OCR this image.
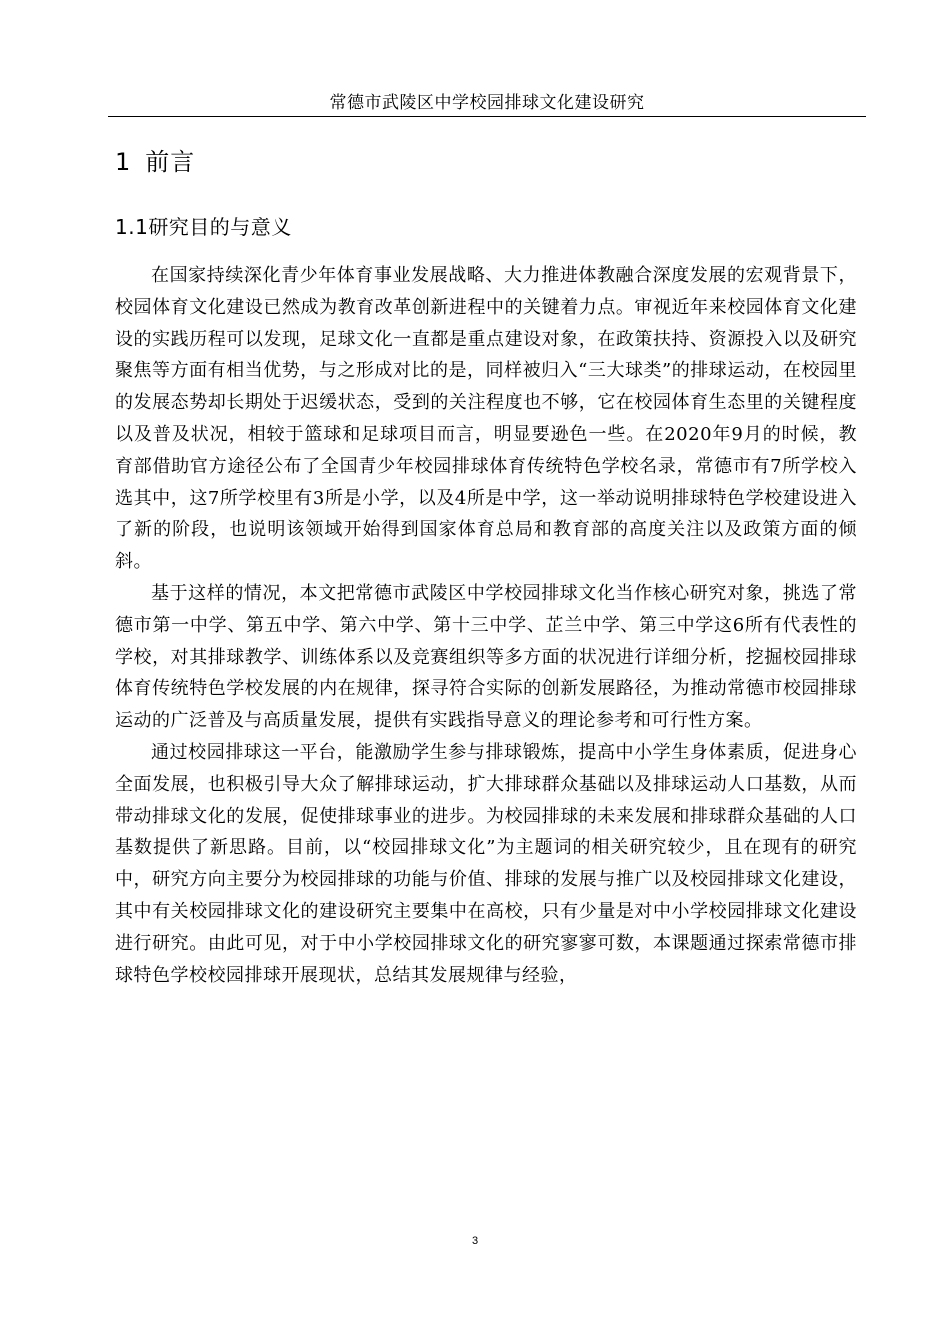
常德市武陵区中学校园排球文化建设研究
1 前言
1.1研究目的与意义

在国家持续深化青少年体育事业发展战略、大力推进体教融合深度发展的宏观背景下，校园体育文化建设已然成为教育改革创新进程中的关键着力点。审视近年来校园体育文化建设的实践历程可以发现，足球文化一直都是重点建设对象，在政策扶持、资源投入以及研究聚焦等方面有相当优势，与之形成对比的是，同样被归入“三大球类”的排球运动，在校园里的发展态势却长期处于迟缓状态，受到的关注程度也不够，它在校园体育生态里的关键程度以及普及状况，相较于篮球和足球项目而言，明显要逊色一些。在2020年9月的时候，教育部借助官方途径公布了全国青少年校园排球体育传统特色学校名录，常德市有7所学校入选其中，这7所学校里有3所是小学，以及4所是中学，这一举动说明排球特色学校建设进入了新的阶段，也说明该领域开始得到国家体育总局和教育部的高度关注以及政策方面的倾斜。

基于这样的情况，本文把常德市武陵区中学校园排球文化当作核心研究对象，挑选了常德市第一中学、第五中学、第六中学、第十三中学、芷兰中学、第三中学这6所有代表性的学校，对其排球教学、训练体系以及竞赛组织等多方面的状况进行详细分析，挖掘校园排球体育传统特色学校发展的内在规律，探寻符合实际的创新发展路径，为推动常德市校园排球运动的广泛普及与高质量发展，提供有实践指导意义的理论参考和可行性方案。

通过校园排球这一平台，能激励学生参与排球锻炼，提高中小学生身体素质，促进身心全面发展，也积极引导大众了解排球运动，扩大排球群众基础以及排球运动人口基数，从而带动排球文化的发展，促使排球事业的进步。为校园排球的未来发展和排球群众基础的人口基数提供了新思路。目前，以“校园排球文化”为主题词的相关研究较少，且在现有的研究中，研究方向主要分为校园排球的功能与价值、排球的发展与推广以及校园排球文化建设，其中有关校园排球文化的建设研究主要集中在高校，只有少量是对中小学校园排球文化建设进行研究。由此可见，对于中小学校园排球文化的研究寥寥可数，本课题通过探索常德市排球特色学校校园排球开展现状，总结其发展规律与经验，

3
